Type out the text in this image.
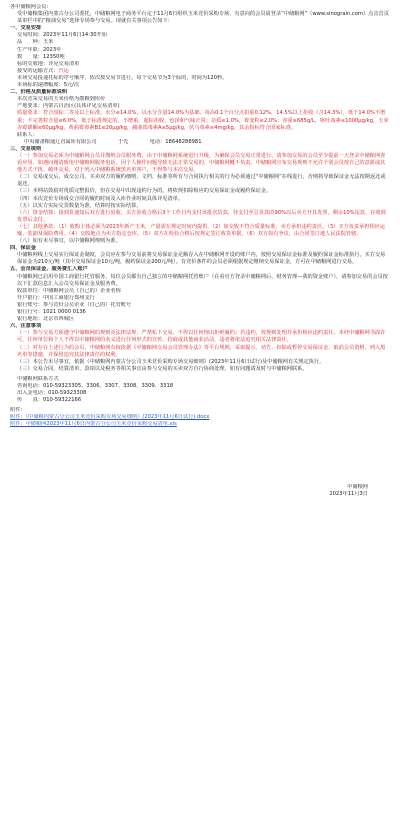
各中储粮网会员：
受中储粮集团内蒙古分公司委托，中储粮网电子商务平台定于11月6日组织玉米竞价采购专场，有意向的会员请登录“中储粮网”（www.sinograin.com）点击首页菜单栏中的“粮油交易”选择专场参与交易。现就有关事项公告如下：
一、交易安排
交易时间：2023年11月6日14:30开始
品　　种：玉米
生产年限：2023年
数　　量：12350吨
标的交收地：详见交易清单
接受的运输方式：汽运
本场交易投递托标的序号顺序，依次按交易节进行。每个交易节为3个标的，时间为120秒。
本场标的递增幅度：5元/次
二、价格及质量标准说明
本次竞采交易的玉米价格为散粮到库价
产地要求：内蒙古自治区(具体详见交易清单)
质量要求：符合国标二等及以上标准，水分≤14.0%，以水分含量14.0%为基础，每高0.1个百分点扣重0.12%，14.5%以上拒收（含14.3%），低于14.0%不增重；不完善粒含量≤6.0%，低于标准规定的，不增重，超标拒收，色泽和气味正常；杂质≤1.0%，霉变粒≤2.0%；容重≥685g/L，呕吐毒素≤1000μg/kg，玉米赤霉烯酮≤60μg/kg，黄曲霉毒素B1≤20μg/kg，赭曲霉毒素A≤5μg/kg，伏马毒素≤4mg/kg，其余指标符合国家标准。
联系人：
中央储备粮通辽直属库有限公司	于先	电话：18648288981
三、交易规则
（一）参加交易必须为中储粮网会员并缴纳会员服务费，由于中储粮网系统进行升级，为确保会员交易正常进行，请参加交易的会员至少提前一天登录中储粮网查看应用，如遇问题请致电中储粮网服务电话。因个人操作问题导致无法正常交易的，中储粮网概不负责。中储粮网宣布交易规则不允许个别会员按自己的意愿或其他方式干扰、破坏交易，对于列入中储粮系统黑名单客户，不得参与本次交易。
（二）交易成交后，成交公司、买卖双方的履约细则、文档、标准等所有与合同执行相关的行为必须通过“中储粮网”在线进行，否则将导致保证金无法按期返还或退还。
（三）本网站鼓励对优质完整报价，但在交易中出现违约行为的，将依规扣除相应的交易保证金或履约保证金。
（四）本次竞价专场成交合同的履约时间及入库作业时间具体详见清单。
（五）以实方实际交货数量为准，结算时按实际结算。
（六）资金结算：接到货通知后双方进行验收，买方验收合格后3个工作日内支付该批次货款，待支付至总货款的90%以后卖方开具发票，剩余10%尾款，在收到发票后支付。
（七）其他条款：（1）收购主体必须为2023年新产玉米，产量需在规定时间内提供。（2）如交收不符合质量标准，卖方承担违约责任。（3）买方负责承担相应运输、装卸及保险费用。（4）交收地点为卖方指定仓库。（5）双方在检验合格后按规定签订收货单据。（6）双方如有争议，由合同签订地人民法院管辖。
（八）如有未尽事宜，以中储粮网规则为准。
四、保证金
中储粮网线上交易实行保证金制度，会员应在参与交易前将交易保证金足额存入在中储粮网开设的账户内，按照交易保证金标准及履约保证金标准执行，买方交易保证金为210元/吨（其中交易保证金10元/吨，履约保证金200元/吨）。有竞价条件的会员必须根据规定缴纳交易保证金，方可在中储粮网进行交易。
五、会员保证金、服务费汇入账户
中储粮网已启用中国工商银行托管服务，每位会员都有自己独立的中储粮网托管账户（在看官方登录中储粮网后，财务管理—我的资金账户），请参加交易的会员按以下汇款信息汇入会员交易保证金及服务费。
收款单位：中储粮网会员（自己的）企业名称
开户银行：中国工商银行郑州支行
银行账号：参与竞价会员企业（自己的）托管账号
银行行号：1021 0000 0136
银行地址：北京市西城区
六、注意事项
（一）参与交易方须遵守中储粮网的规则及法律法规，严禁私下交易，不得以任何理由拒绝履约；若违约，按规则处理并承担相应违约责任。未经中储粮网书面许可，任何单位和个人不得以中储粮网的名义进行任何形式的宣传、招商或其他商业活动，违者将依法追究相关法律责任。
（二）对存在上述行为的会员，中储粮网有权依据《中储粮网交易会员管理办法》等平台规则，采取提示、劝告、扣除或暂停交易保证金、取消会员资格、列入黑名单等措施，并保留追究其法律责任的权利。
（三）本公告未尽事宜，依据《中储粮网内蒙古分公司玉米竞价采购专场交易细则》(2023年11月6日试行)及中储粮网有关规定执行。
（三）交易合同、结算清单、款项以及税务等相关事宜由参与交易的买卖双方自行协商处理，如有问题请及时与中储粮网联系。
中储粮网联系方式
咨询电话：010-59323305、3306、3307、3308、3309、3318
出入金电话：010-59323308
传　　真：010-59322166
附件：
附件：《中储粮内蒙古分公司玉米竞价采购专场交易细则》(2023年11月6日试行).docx
附件：中储粮网2023年11月6日内蒙古分公司玉米竞价采购交易清单.xls
中储粮网
2023年11月3日
